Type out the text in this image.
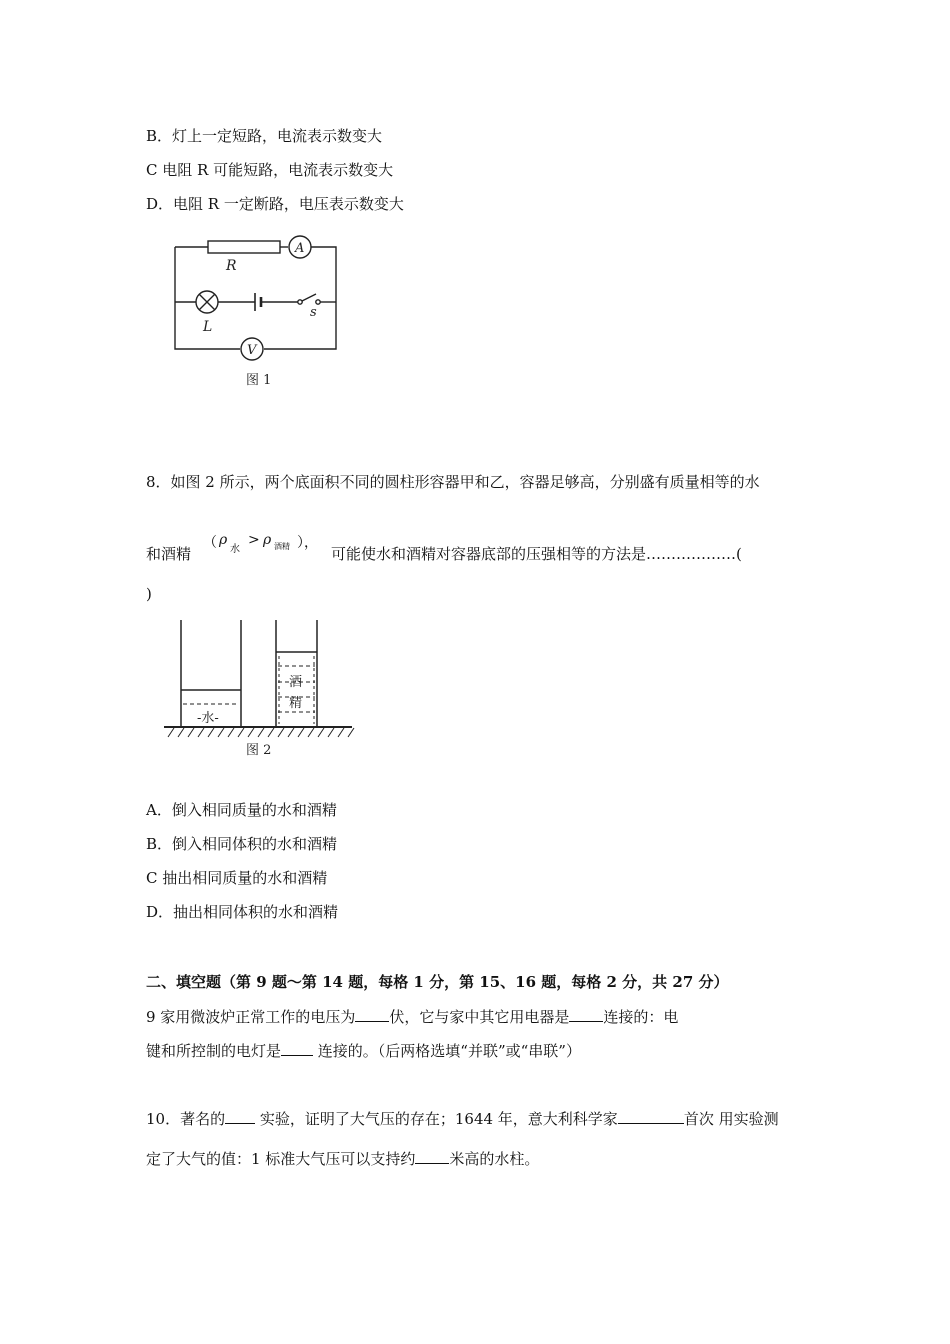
B．灯上一定短路，电流表示数变大
C 电阻 R 可能短路，电流表示数变大
D．电阻 R 一定断路，电压表示数变大
R
A
L
s
V
图 1
8．如图 2 所示，两个底面积不同的圆柱形容器甲和乙，容器足够高，分别盛有质量相等的水
和酒精
（ ρ
水
> ρ 酒精 ），
可能使水和酒精对容器底部的压强相等的方法是………………(
)
-水-
酒
精
图 2
A．倒入相同质量的水和酒精
B．倒入相同体积的水和酒精
C 抽出相同质量的水和酒精
D．抽出相同体积的水和酒精
二、填空题（第 9 题～第 14 题，每格 1 分，第 15、16 题，每格 2 分，共 27 分）
9 家用微波炉正常工作的电压为 伏，它与家中其它用电器是 连接的：电
键和所控制的电灯是 连接的。（后两格选填“并联”或“串联”）
10．著名的 实验，证明了大气压的存在；1644 年，意大利科学家	首次 用实验测
定了大气的值：1 标准大气压可以支持约 米高的水柱。
